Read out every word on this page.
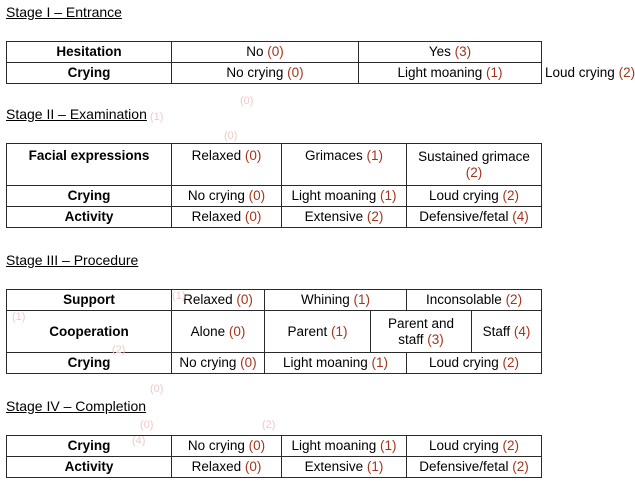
Stage I – Entrance
Hesitation	No (0)	Yes (3)	
Crying	No crying (0)	Light moaning (1)	Loud crying (2)
Stage II – Examination
Facial expressions	Relaxed (0)	Grimaces (1)	Sustained grimace
(2)
Crying	No crying (0)	Light moaning (1)	Loud crying (2)
Activity	Relaxed (0)	Extensive (2)	Defensive/fetal (4)
Stage III – Procedure
Support	Relaxed (0)	Whining (1)		Inconsolable (2)	
Cooperation	Alone (0)	Parent (1)	Parent and staff (3)		Staff (4)
Crying	No crying (0)	Light moaning (1)		Loud crying (2)	
Stage IV – Completion
Crying	No crying (0)	Light moaning (1)	Loud crying (2)
Activity	Relaxed (0)	Extensive (1)	Defensive/fetal (2)
(0)
(1)
(0)
(1)
(1)
(2)
(0)
(0)	(2)
(4)
